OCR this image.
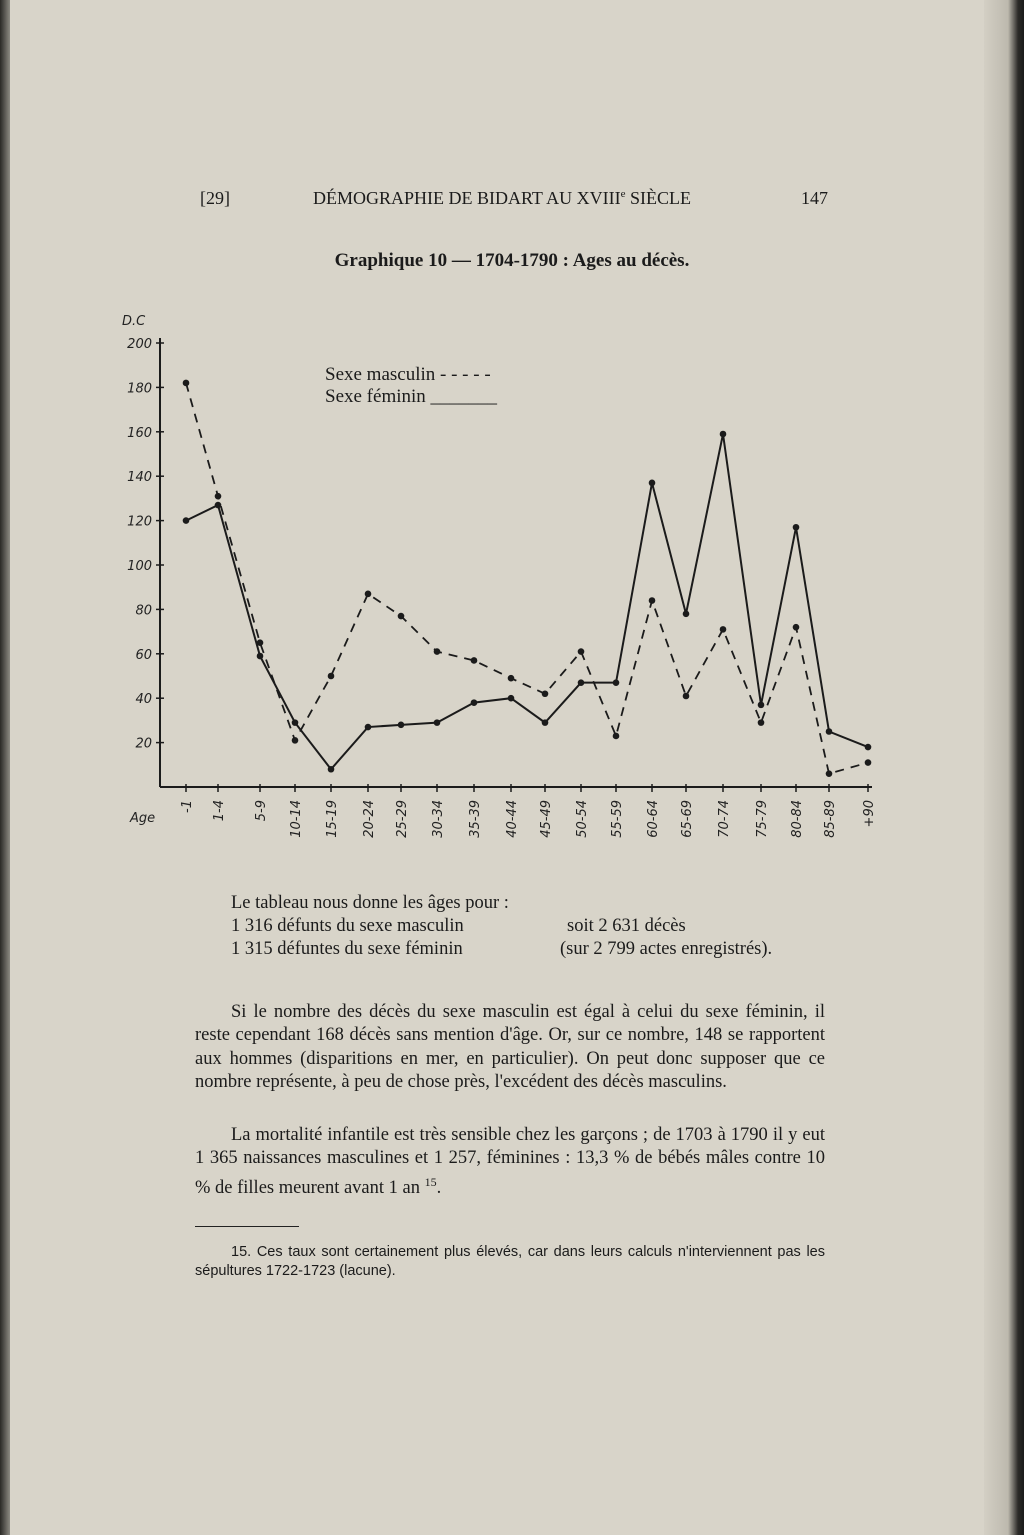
[29]	DÉMOGRAPHIE DE BIDART AU XVIIIe SIÈCLE	147
Graphique 10 — 1704-1790 : Ages au décès.
D.C
20
40
60
80
100
120
140
160
180
200
Age
-1 1-4 5-9 10-14 15-19 20-24 25-29 30-34 35-39 40-44 45-49 50-54 55-59 60-64 65-69 70-74 75-79 80-84 85-89 +90
Sexe masculin - - - - -
Sexe féminin _______
Le tableau nous donne les âges pour :
1 316 défunts du sexe masculin	soit 2 631 décès
1 315 défuntes du sexe féminin	(sur 2 799 actes enregistrés).

Si le nombre des décès du sexe masculin est égal à celui du sexe féminin, il reste cependant 168 décès sans mention d'âge. Or, sur ce nombre, 148 se rapportent aux hommes (disparitions en mer, en particulier). On peut donc supposer que ce nombre représente, à peu de chose près, l'excédent des décès masculins.

La mortalité infantile est très sensible chez les garçons ; de 1703 à 1790 il y eut 1 365 naissances masculines et 1 257, féminines : 13,3 % de bébés mâles contre 10 % de filles meurent avant 1 an $^{15}$.

15. Ces taux sont certainement plus élevés, car dans leurs calculs n'interviennent pas les sépultures 1722-1723 (lacune).
